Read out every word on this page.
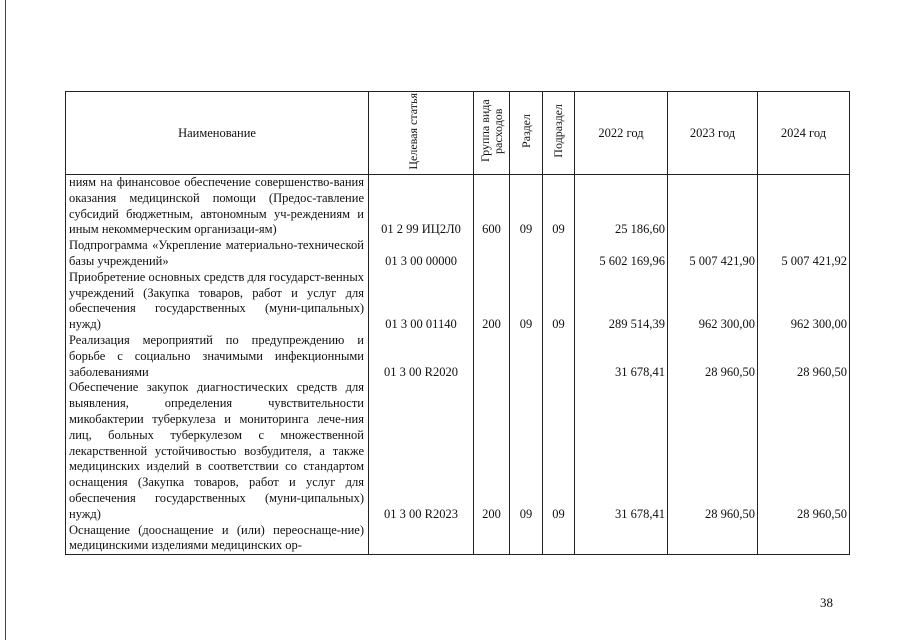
Наименование	Целевая статья	Группа вида расходов	Раздел	Подраздел	2022 год	2023 год	2024 год
ниям на финансовое обеспечение совершенство-вания оказания медицинской помощи (Предос-тавление субсидий бюджетным, автономным уч-реждениям и иным некоммерческим организаци-ям)	01 2 99 ИЦ2Л0	600	09	09	25 186,60		
Подпрограмма «Укрепление материально-технической базы учреждений»	01 3 00 00000				5 602 169,96	5 007 421,90	5 007 421,92
Приобретение основных средств для государст-венных учреждений (Закупка товаров, работ и услуг для обеспечения государственных (муни-ципальных) нужд)	01 3 00 01140	200	09	09	289 514,39	962 300,00	962 300,00
Реализация мероприятий по предупреждению и борьбе с социально значимыми инфекционными заболеваниями	01 3 00 R2020				31 678,41	28 960,50	28 960,50
Обеспечение закупок диагностических средств для выявления, определения чувствительности микобактерии туберкулеза и мониторинга лече-ния лиц, больных туберкулезом с множественной лекарственной устойчивостью возбудителя, а также медицинских изделий в соответствии со стандартом оснащения (Закупка товаров, работ и услуг для обеспечения государственных (муни-ципальных) нужд)	01 3 00 R2023	200	09	09	31 678,41	28 960,50	28 960,50
Оснащение (дооснащение и (или) переоснаще-ние) медицинскими изделиями медицинских ор-							
38
